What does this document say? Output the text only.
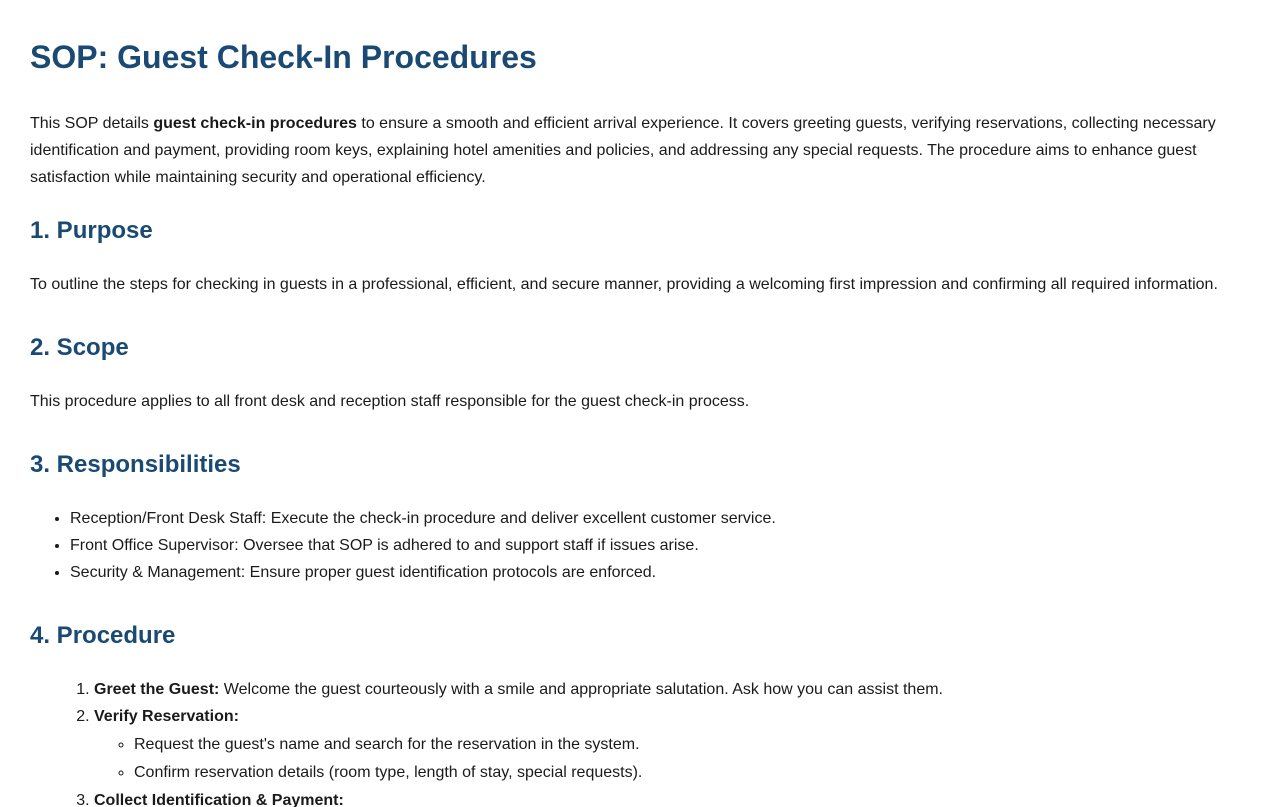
SOP: Guest Check-In Procedures

This SOP details guest check-in procedures to ensure a smooth and efficient arrival experience. It covers greeting guests, verifying reservations, collecting necessary identification and payment, providing room keys, explaining hotel amenities and policies, and addressing any special requests. The procedure aims to enhance guest satisfaction while maintaining security and operational efficiency.

1. Purpose

To outline the steps for checking in guests in a professional, efficient, and secure manner, providing a welcoming first impression and confirming all required information.

2. Scope

This procedure applies to all front desk and reception staff responsible for the guest check-in process.

3. Responsibilities
• Reception/Front Desk Staff: Execute the check-in procedure and deliver excellent customer service.
• Front Office Supervisor: Oversee that SOP is adhered to and support staff if issues arise.
• Security & Management: Ensure proper guest identification protocols are enforced.
4. Procedure
1. Greet the Guest: Welcome the guest courteously with a smile and appropriate salutation. Ask how you can assist them.
2. Verify Reservation:
◦ Request the guest's name and search for the reservation in the system.
◦ Confirm reservation details (room type, length of stay, special requests).
3. Collect Identification & Payment:
